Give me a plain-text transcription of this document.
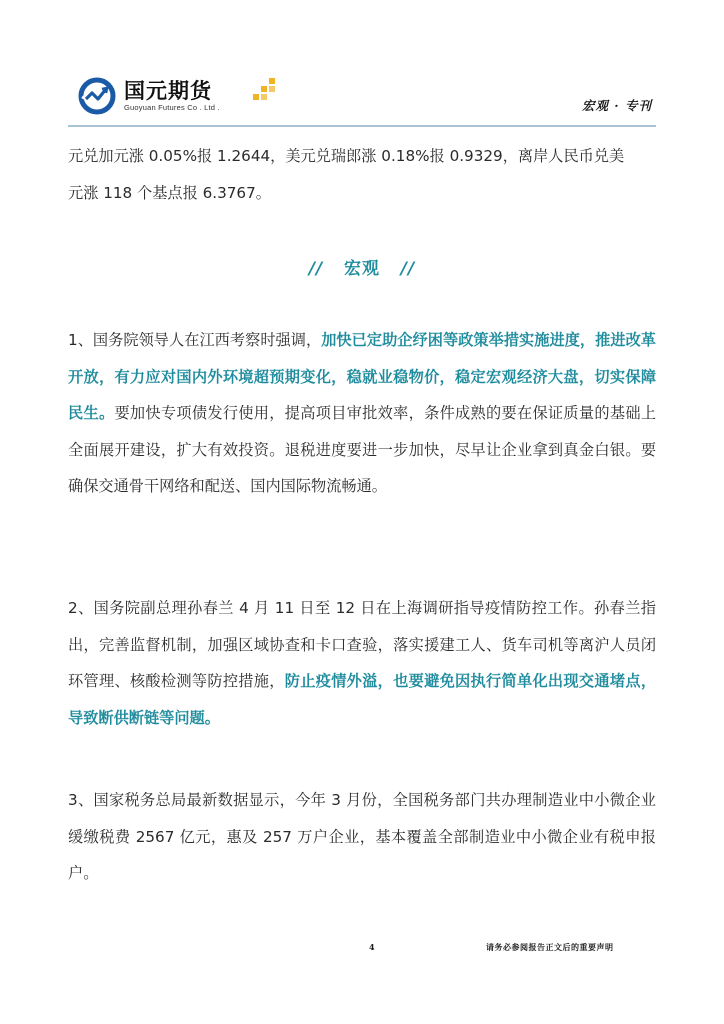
国元期货
Guoyuan Futures Co . Ltd .	宏观 · 专刊

元兑加元涨 0.05%报 1.2644，美元兑瑞郎涨 0.18%报 0.9329，离岸人民币兑美
元涨 118 个基点报 6.3767。

// 宏观 //

1、国务院领导人在江西考察时强调，加快已定助企纾困等政策举措实施进度，推进改革开放，有力应对国内外环境超预期变化，稳就业稳物价，稳定宏观经济大盘，切实保障民生。要加快专项债发行使用，提高项目审批效率，条件成熟的要在保证质量的基础上全面展开建设，扩大有效投资。退税进度要进一步加快，尽早让企业拿到真金白银。要确保交通骨干网络和配送、国内国际物流畅通。

2、国务院副总理孙春兰 4 月 11 日至 12 日在上海调研指导疫情防控工作。孙春兰指出，完善监督机制，加强区域协查和卡口查验，落实援建工人、货车司机等离沪人员闭环管理、核酸检测等防控措施，防止疫情外溢，也要避免因执行简单化出现交通堵点，导致断供断链等问题。

3、国家税务总局最新数据显示，今年 3 月份，全国税务部门共办理制造业中小微企业缓缴税费 2567 亿元，惠及 257 万户企业，基本覆盖全部制造业中小微企业有税申报户。

4	请务必参阅报告正文后的重要声明
